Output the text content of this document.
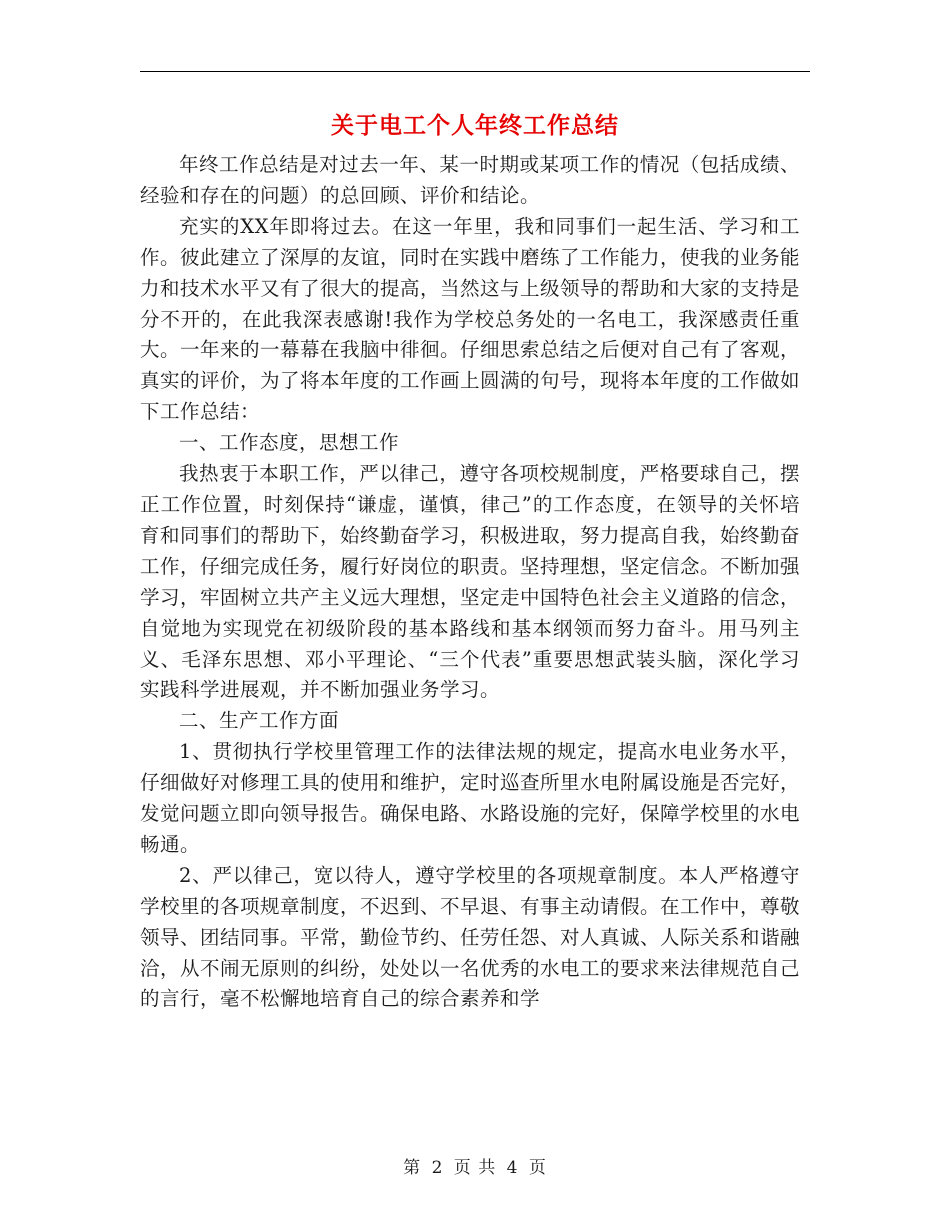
关于电工个人年终工作总结

年终工作总结是对过去一年、某一时期或某项工作的情况（包括成绩、经验和存在的问题）的总回顾、评价和结论。

充实的XX年即将过去。在这一年里，我和同事们一起生活、学习和工作。彼此建立了深厚的友谊，同时在实践中磨练了工作能力，使我的业务能力和技术水平又有了很大的提高，当然这与上级领导的帮助和大家的支持是分不开的，在此我深表感谢!我作为学校总务处的一名电工，我深感责任重大。一年来的一幕幕在我脑中徘徊。仔细思索总结之后便对自己有了客观，真实的评价，为了将本年度的工作画上圆满的句号，现将本年度的工作做如下工作总结：

一、工作态度，思想工作

我热衷于本职工作，严以律己，遵守各项校规制度，严格要球自己，摆正工作位置，时刻保持“谦虚，谨慎，律己”的工作态度，在领导的关怀培育和同事们的帮助下，始终勤奋学习，积极进取，努力提高自我，始终勤奋工作，仔细完成任务，履行好岗位的职责。坚持理想，坚定信念。不断加强学习，牢固树立共产主义远大理想，坚定走中国特色社会主义道路的信念，自觉地为实现党在初级阶段的基本路线和基本纲领而努力奋斗。用马列主义、毛泽东思想、邓小平理论、“三个代表”重要思想武装头脑，深化学习实践科学进展观，并不断加强业务学习。

二、生产工作方面

1、贯彻执行学校里管理工作的法律法规的规定，提高水电业务水平，仔细做好对修理工具的使用和维护，定时巡查所里水电附属设施是否完好，发觉问题立即向领导报告。确保电路、水路设施的完好，保障学校里的水电畅通。

2、严以律己，宽以待人，遵守学校里的各项规章制度。本人严格遵守学校里的各项规章制度，不迟到、不早退、有事主动请假。在工作中，尊敬领导、团结同事。平常，勤俭节约、任劳任怨、对人真诚、人际关系和谐融洽，从不闹无原则的纠纷，处处以一名优秀的水电工的要求来法律规范自己的言行，毫不松懈地培育自己的综合素养和学

第 2 页 共 4 页
